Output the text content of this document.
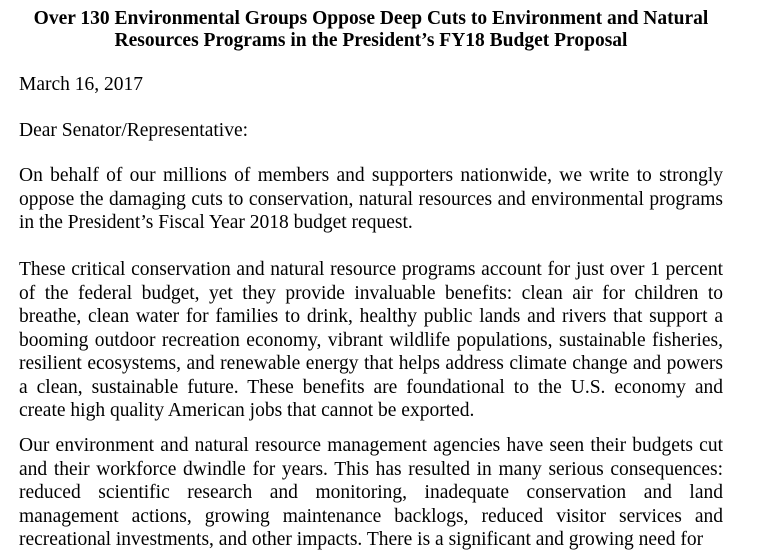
Over 130 Environmental Groups Oppose Deep Cuts to Environment and Natural
Resources Programs in the President’s FY18 Budget Proposal

March 16, 2017

Dear Senator/Representative:

On behalf of our millions of members and supporters nationwide, we write to strongly oppose the damaging cuts to conservation, natural resources and environmental programs in the President’s Fiscal Year 2018 budget request.

These critical conservation and natural resource programs account for just over 1 percent of the federal budget, yet they provide invaluable benefits: clean air for children to breathe, clean water for families to drink, healthy public lands and rivers that support a booming outdoor recreation economy, vibrant wildlife populations, sustainable fisheries, resilient ecosystems, and renewable energy that helps address climate change and powers a clean, sustainable future. These benefits are foundational to the U.S. economy and create high quality American jobs that cannot be exported.

Our environment and natural resource management agencies have seen their budgets cut and their workforce dwindle for years. This has resulted in many serious consequences: reduced scientific research and monitoring, inadequate conservation and land management actions, growing maintenance backlogs, reduced visitor services and recreational investments, and other impacts. There is a significant and growing need for
